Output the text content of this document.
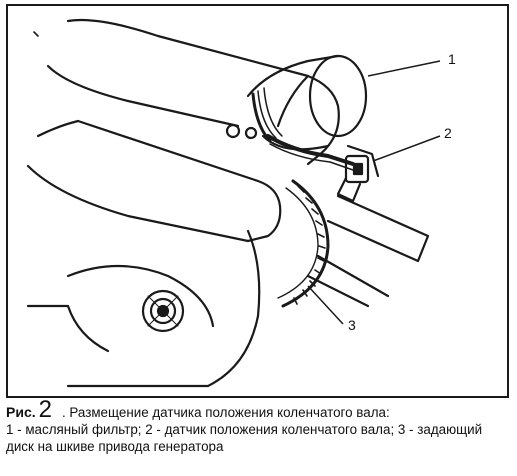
1
2
3
Рис. 2 . Размещение датчика положения коленчатого вала:
1 - масляный фильтр; 2 - датчик положения коленчатого вала; 3 - задающий
диск на шкиве привода генератора
